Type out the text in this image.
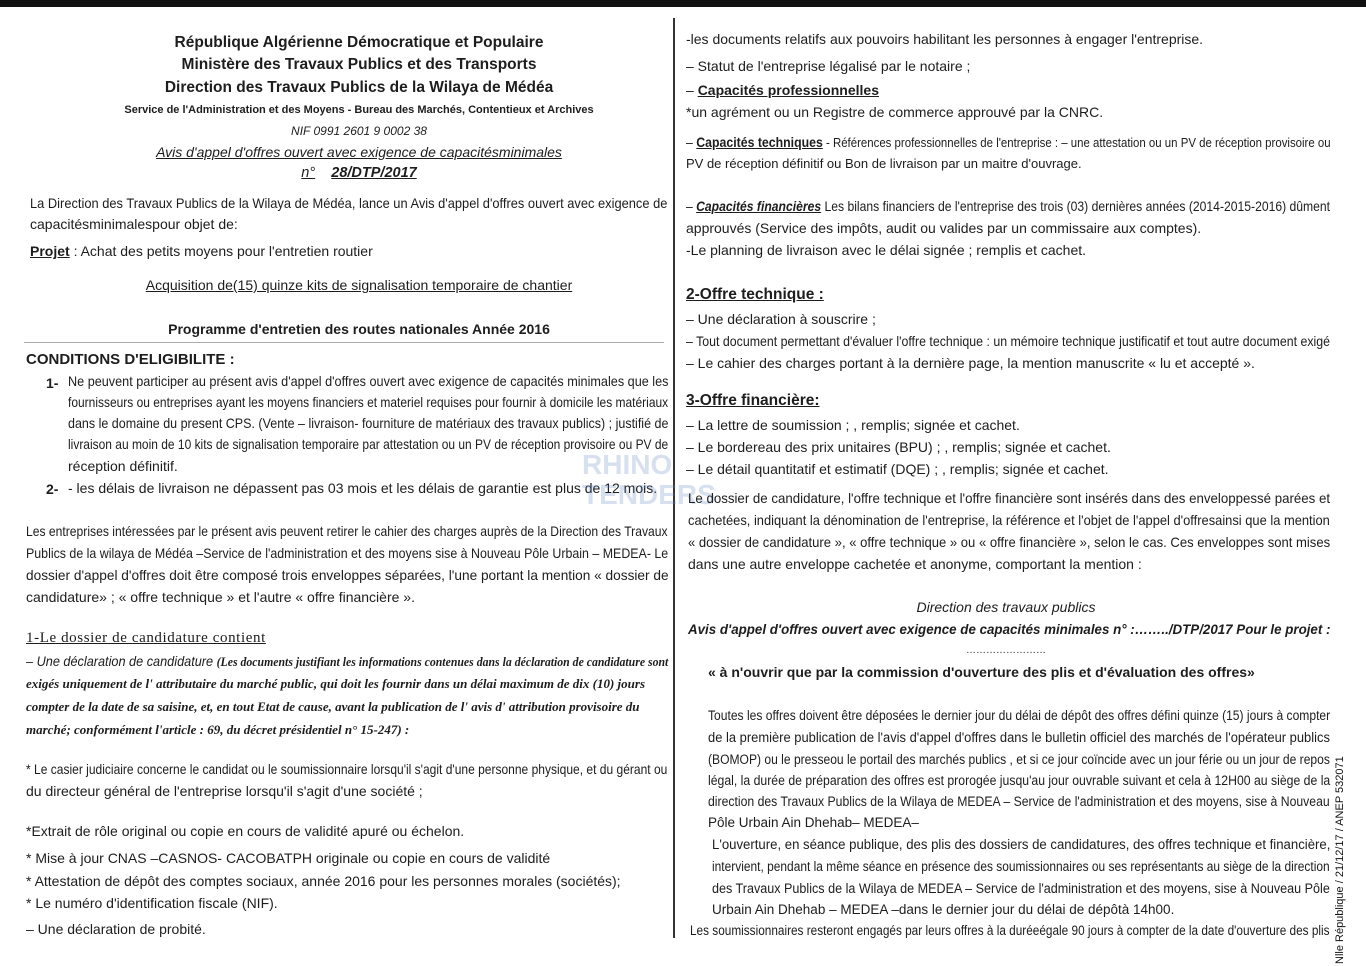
République Algérienne Démocratique et Populaire
Ministère des Travaux Publics et des Transports
Direction des Travaux Publics de la Wilaya de Médéa
Service de l'Administration et des Moyens - Bureau des Marchés, Contentieux et Archives
NIF 0991 2601 9 0002 38
Avis d'appel d'offres ouvert avec exigence de capacitésminimales
n° 28/DTP/2017
La Direction des Travaux Publics de la Wilaya de Médéa, lance un Avis d'appel d'offres ouvert avec exigence de
capacitésminimalespour objet de:
Projet : Achat des petits moyens pour l'entretien routier
Acquisition de(15) quinze kits de signalisation temporaire de chantier
Programme d'entretien des routes nationales Année 2016
CONDITIONS D'ELIGIBILITE :
1- Ne peuvent participer au présent avis d'appel d'offres ouvert avec exigence de capacités minimales que les
fournisseurs ou entreprises ayant les moyens financiers et materiel requises pour fournir à domicile les matériaux
dans le domaine du present CPS. (Vente – livraison- fourniture de matériaux des travaux publics) ; justifié de
livraison au moin de 10 kits de signalisation temporaire par attestation ou un PV de réception provisoire ou PV de
réception définitif.
2- - les délais de livraison ne dépassent pas 03 mois et les délais de garantie est plus de 12 mois.
Les entreprises intéressées par le présent avis peuvent retirer le cahier des charges auprès de la Direction des Travaux
Publics de la wilaya de Médéa –Service de l'administration et des moyens sise à Nouveau Pôle Urbain – MEDEA- Le
dossier d'appel d'offres doit être composé trois enveloppes séparées, l'une portant la mention « dossier de
candidature» ; « offre technique » et l'autre « offre financière ».
1-Le dossier de candidature contient
– Une déclaration de candidature (Les documents justifiant les informations contenues dans la déclaration de candidature sont
exigés uniquement de l' attributaire du marché public, qui doit les fournir dans un délai maximum de dix (10) jours
compter de la date de sa saisine, et, en tout Etat de cause, avant la publication de l' avis d' attribution provisoire du
marché; conformément l'article : 69, du décret présidentiel n° 15-247) :
* Le casier judiciaire concerne le candidat ou le soumissionnaire lorsqu'il s'agit d'une personne physique, et du gérant ou
du directeur général de l'entreprise lorsqu'il s'agit d'une société ;
*Extrait de rôle original ou copie en cours de validité apuré ou échelon.
* Mise à jour CNAS –CASNOS- CACOBATPH originale ou copie en cours de validité
* Attestation de dépôt des comptes sociaux, année 2016 pour les personnes morales (sociétés);
* Le numéro d'identification fiscale (NIF).
– Une déclaration de probité.
RHINO
TENDERS
-les documents relatifs aux pouvoirs habilitant les personnes à engager l'entreprise.
– Statut de l'entreprise légalisé par le notaire ;
– Capacités professionnelles
*un agrément ou un Registre de commerce approuvé par la CNRC.
– Capacités techniques - Références professionnelles de l'entreprise : – une attestation ou un PV de réception provisoire ou
PV de réception définitif ou Bon de livraison par un maitre d'ouvrage.
– Capacités financières Les bilans financiers de l'entreprise des trois (03) dernières années (2014-2015-2016) dûment
approuvés (Service des impôts, audit ou valides par un commissaire aux comptes).
-Le planning de livraison avec le délai signée ; remplis et cachet.
2-Offre technique :
– Une déclaration à souscrire ;
– Tout document permettant d'évaluer l'offre technique : un mémoire technique justificatif et tout autre document exigé
– Le cahier des charges portant à la dernière page, la mention manuscrite « lu et accepté ».
3-Offre financière:
– La lettre de soumission ; , remplis; signée et cachet.
– Le bordereau des prix unitaires (BPU) ; , remplis; signée et cachet.
– Le détail quantitatif et estimatif (DQE) ; , remplis; signée et cachet.
Le dossier de candidature, l'offre technique et l'offre financière sont insérés dans des enveloppessé parées et
cachetées, indiquant la dénomination de l'entreprise, la référence et l'objet de l'appel d'offresainsi que la mention
« dossier de candidature », « offre technique » ou « offre financière », selon le cas. Ces enveloppes sont mises
dans une autre enveloppe cachetée et anonyme, comportant la mention :
Direction des travaux publics
Avis d'appel d'offres ouvert avec exigence de capacités minimales n° :……../DTP/2017 Pour le projet :
……………………
« à n'ouvrir que par la commission d'ouverture des plis et d'évaluation des offres»
Toutes les offres doivent être déposées le dernier jour du délai de dépôt des offres défini quinze (15) jours à compter
de la première publication de l'avis d'appel d'offres dans le bulletin officiel des marchés de l'opérateur publics
(BOMOP) ou le presseou le portail des marchés publics , et si ce jour coïncide avec un jour férie ou un jour de repos
légal, la durée de préparation des offres est prorogée jusqu'au jour ouvrable suivant et cela à 12H00 au siège de la
direction des Travaux Publics de la Wilaya de MEDEA – Service de l'administration et des moyens, sise à Nouveau
Pôle Urbain Ain Dhehab– MEDEA–
L'ouverture, en séance publique, des plis des dossiers de candidatures, des offres technique et financière,
intervient, pendant la même séance en présence des soumissionnaires ou ses représentants au siège de la direction
des Travaux Publics de la Wilaya de MEDEA – Service de l'administration et des moyens, sise à Nouveau Pôle
Urbain Ain Dhehab – MEDEA –dans le dernier jour du délai de dépôtà 14h00.
Les soumissionnaires resteront engagés par leurs offres à la duréeégale 90 jours à compter de la date d'ouverture des plis Nlle République / 21/12/17 / ANEP 532071
